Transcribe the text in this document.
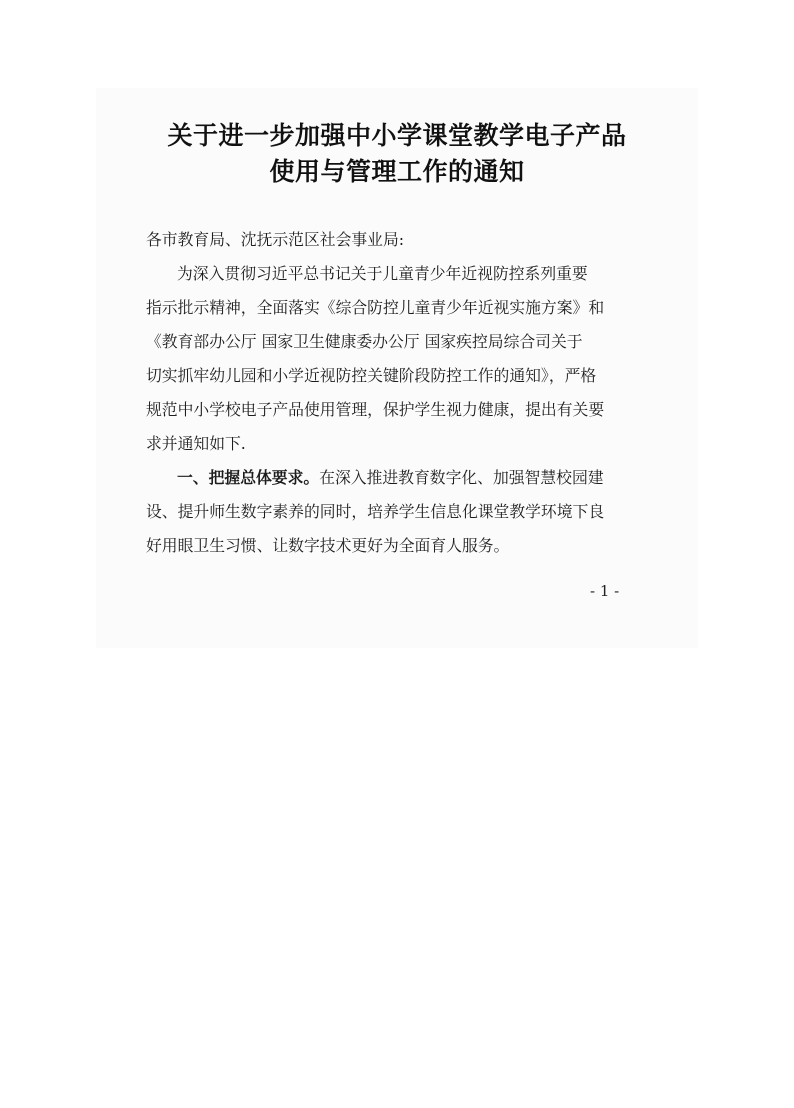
关于进一步加强中小学课堂教学电子产品
使用与管理工作的通知
各市教育局、沈抚示范区社会事业局:
为深入贯彻习近平总书记关于儿童青少年近视防控系列重要
指示批示精神，全面落实《综合防控儿童青少年近视实施方案》和
《教育部办公厅 国家卫生健康委办公厅 国家疾控局综合司关于
切实抓牢幼儿园和小学近视防控关键阶段防控工作的通知》，严格
规范中小学校电子产品使用管理，保护学生视力健康，提出有关要
求并通知如下.
一、把握总体要求。在深入推进教育数字化、加强智慧校园建
设、提升师生数字素养的同时，培养学生信息化课堂教学环境下良
好用眼卫生习惯、让数字技术更好为全面育人服务。
- 1 -
